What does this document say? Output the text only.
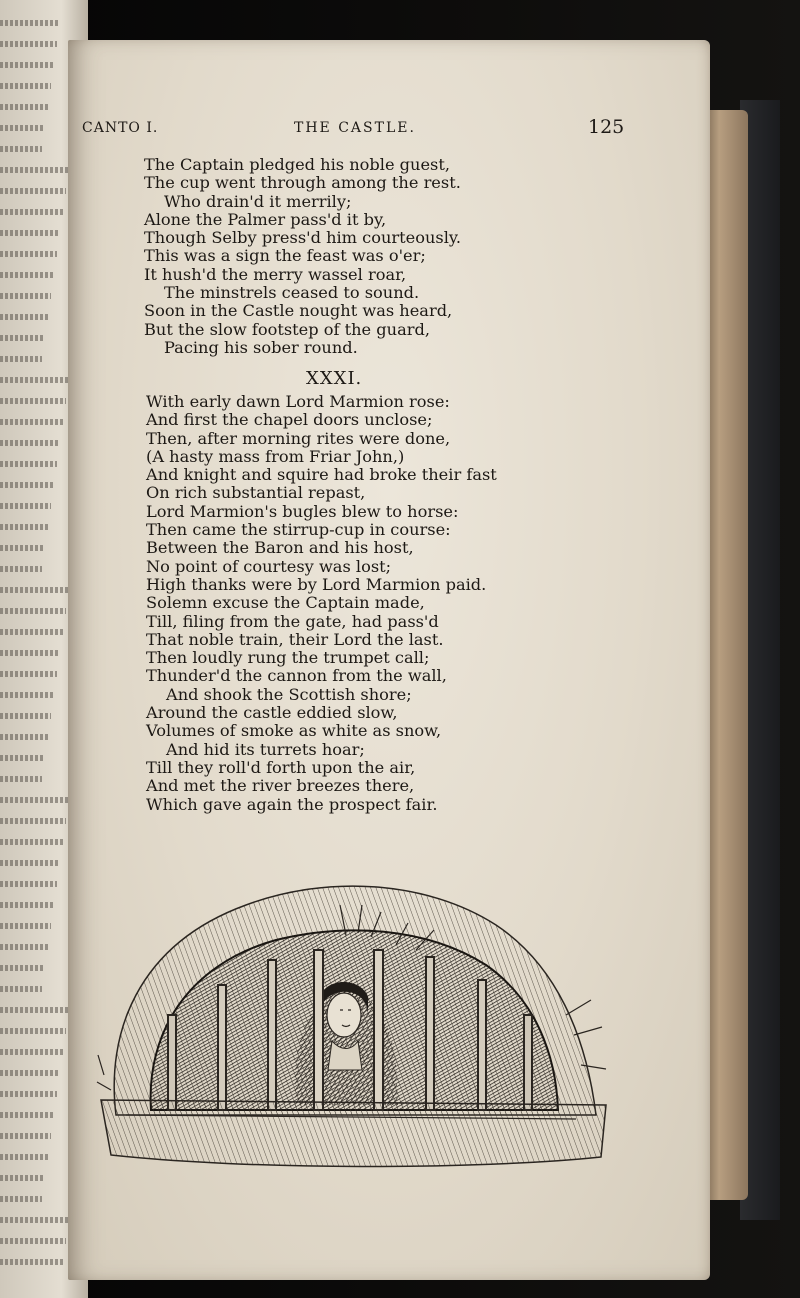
CANTO I.	THE CASTLE.	125
The Captain pledged his noble guest,
The cup went through among the rest.
Who drain'd it merrily;
Alone the Palmer pass'd it by,
Though Selby press'd him courteously.
This was a sign the feast was o'er;
It hush'd the merry wassel roar,
The minstrels ceased to sound.
Soon in the Castle nought was heard,
But the slow footstep of the guard,
Pacing his sober round.
XXXI.
With early dawn Lord Marmion rose:
And first the chapel doors unclose;
Then, after morning rites were done,
(A hasty mass from Friar John,)
And knight and squire had broke their fast
On rich substantial repast,
Lord Marmion's bugles blew to horse:
Then came the stirrup-cup in course:
Between the Baron and his host,
No point of courtesy was lost;
High thanks were by Lord Marmion paid.
Solemn excuse the Captain made,
Till, filing from the gate, had pass'd
That noble train, their Lord the last.
Then loudly rung the trumpet call;
Thunder'd the cannon from the wall,
And shook the Scottish shore;
Around the castle eddied slow,
Volumes of smoke as white as snow,
And hid its turrets hoar;
Till they roll'd forth upon the air,
And met the river breezes there,
Which gave again the prospect fair.
